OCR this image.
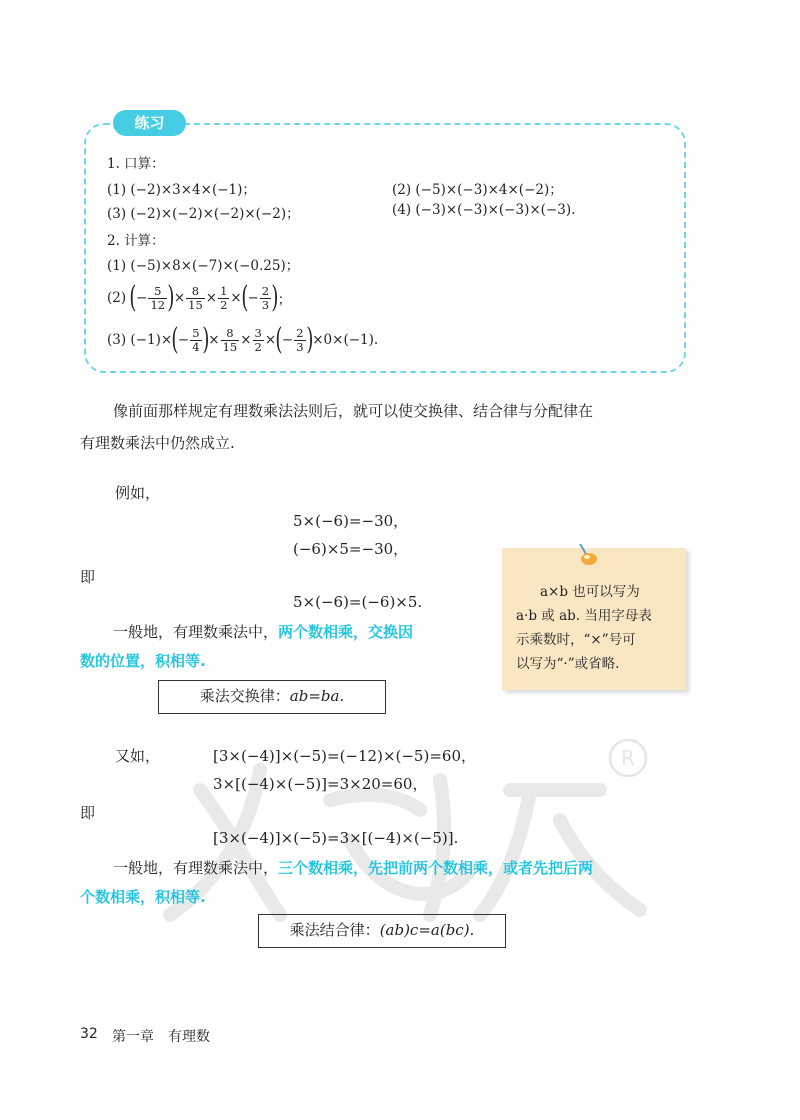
R
练习
1. 口算：
(1) (−2)×3×4×(−1)；	(2) (−5)×(−3)×4×(−2)；
(3) (−2)×(−2)×(−2)×(−2)；	(4) (−3)×(−3)×(−3)×(−3).
2. 计算：
(1) (−5)×8×(−7)×(−0.25)；
(2)
( − $\frac{5}{12}$ ) × $\frac{8}{15} \times \frac{1}{2}$ × ( − $\frac{2}{3}$ ) ；
(3)
(−1)× ( − $\frac{5}{4}$ ) × $\frac{8}{15} \times \frac{3}{2}$ × ( − $\frac{2}{3}$ ) ×0×(−1).
像前面那样规定有理数乘法法则后，就可以使交换律、结合律与分配律在
有理数乘法中仍然成立.
例如，
5×(−6)=−30，
(−6)×5=−30，
即
5×(−6)=(−6)×5.
一般地，有理数乘法中，两个数相乘，交换因
数的位置，积相等.
乘法交换律：ab=ba.
又如，	[3×(−4)]×(−5)=(−12)×(−5)=60，
3×[(−4)×(−5)]=3×20=60，
即
[3×(−4)]×(−5)=3×[(−4)×(−5)].
一般地，有理数乘法中，三个数相乘，先把前两个数相乘，或者先把后两
个数相乘，积相等.
乘法结合律：(ab)c=a(bc).
a×b 也可以写为
a·b 或 ab. 当用字母表
示乘数时，“×”号可
以写为“·”或省略.
32 第一章 有理数
